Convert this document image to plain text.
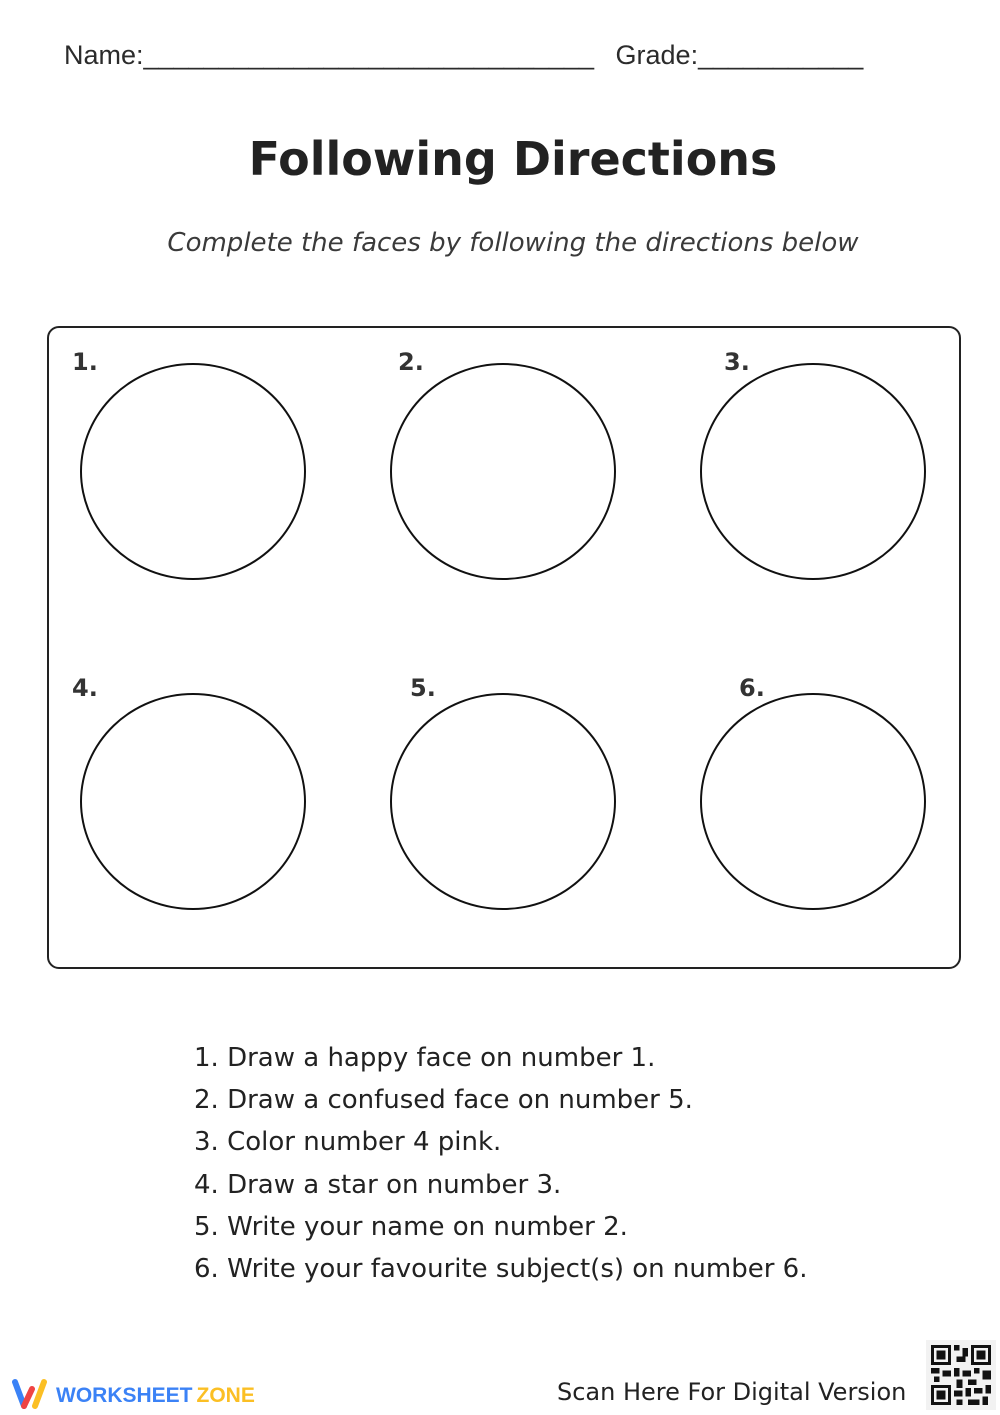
Name:______________________________ Grade:___________
Following Directions
Complete the faces by following the directions below
1.	2.	3.
4.	5.	6.
1. Draw a happy face on number 1.
2. Draw a confused face on number 5.
3. Color number 4 pink.
4. Draw a star on number 3.
5. Write your name on number 2.
6. Write your favourite subject(s) on number 6.
WORKSHEET ZONE	Scan Here For Digital Version
